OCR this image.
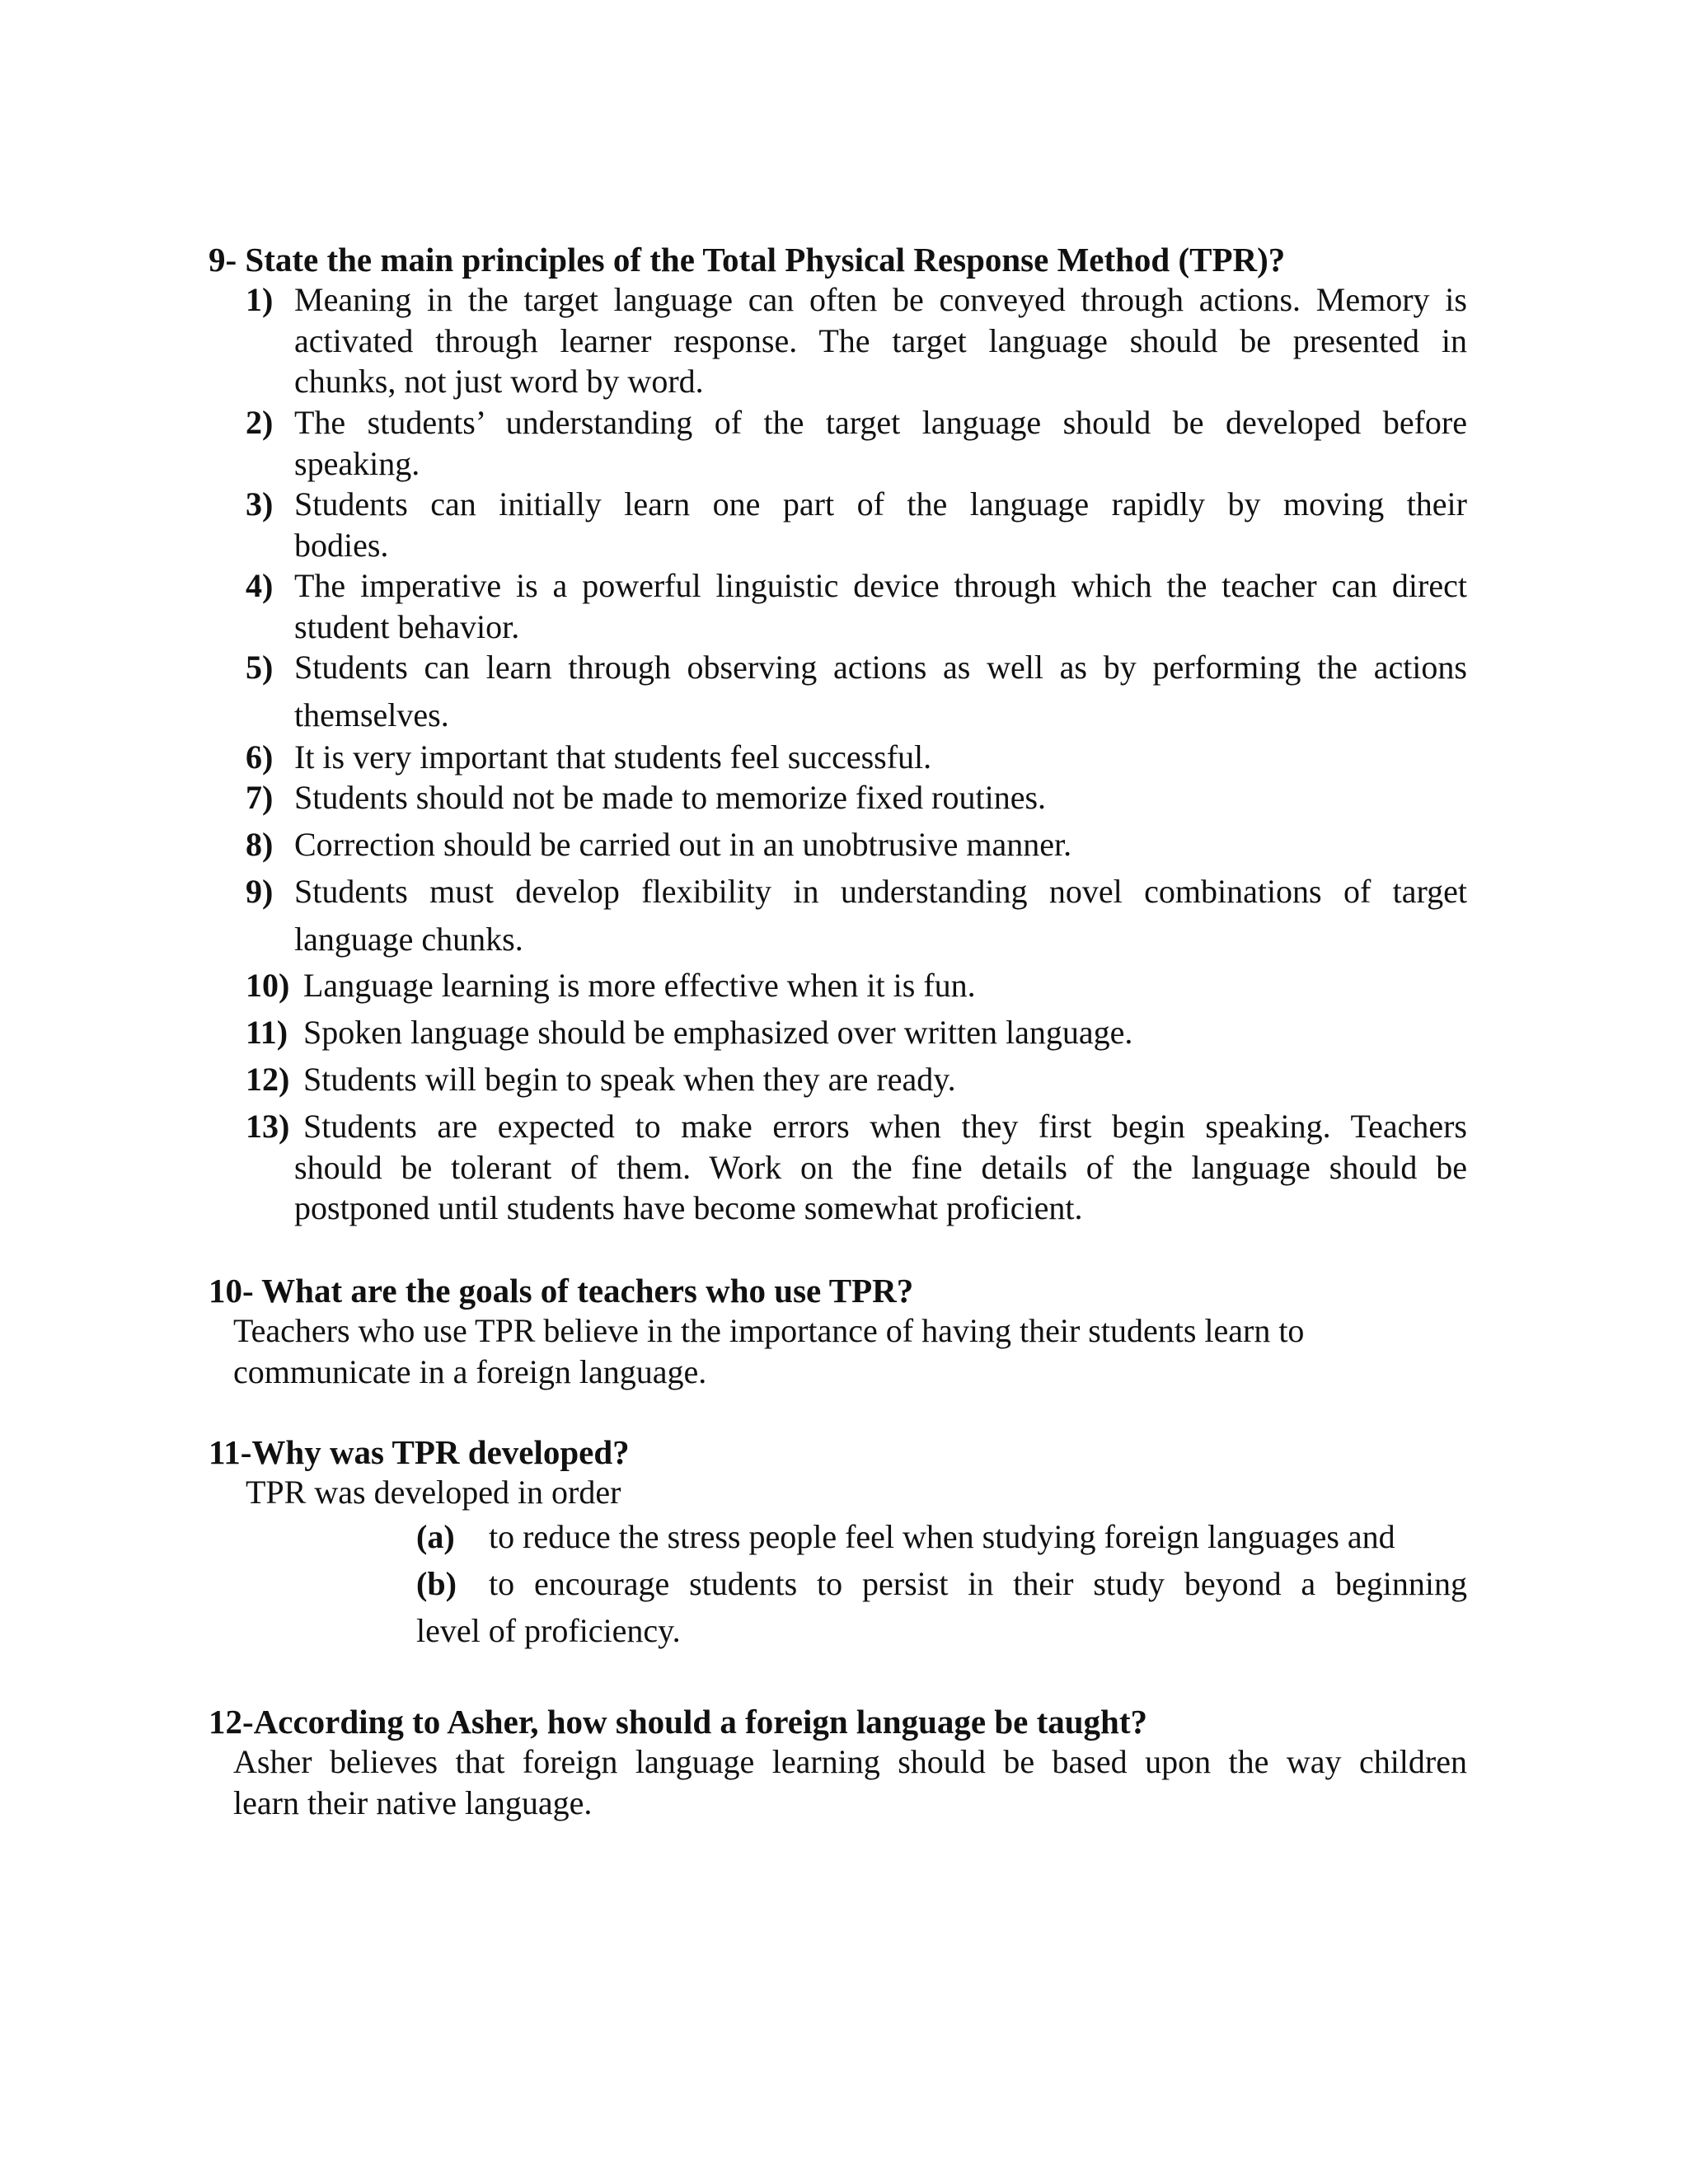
9- State the main principles of the Total Physical Response Method (TPR)?

1) Meaning in the target language can often be conveyed through actions. Memory is
activated through learner response. The target language should be presented in
chunks, not just word by word.

2) The students’ understanding of the target language should be developed before
speaking.

3) Students can initially learn one part of the language rapidly by moving their
bodies.

4) The imperative is a powerful linguistic device through which the teacher can direct
student behavior.

5) Students can learn through observing actions as well as by performing the actions
themselves.

6) It is very important that students feel successful.

7) Students should not be made to memorize fixed routines.

8) Correction should be carried out in an unobtrusive manner.

9) Students must develop flexibility in understanding novel combinations of target
language chunks.

10) Language learning is more effective when it is fun.

11) Spoken language should be emphasized over written language.

12) Students will begin to speak when they are ready.

13) Students are expected to make errors when they first begin speaking. Teachers
should be tolerant of them. Work on the fine details of the language should be
postponed until students have become somewhat proficient.

10- What are the goals of teachers who use TPR?

Teachers who use TPR believe in the importance of having their students learn to
communicate in a foreign language.

11-Why was TPR developed?

TPR was developed in order

(a) to reduce the stress people feel when studying foreign languages and

(b) to encourage students to persist in their study beyond a beginning
level of proficiency.

12-According to Asher, how should a foreign language be taught?

Asher believes that foreign language learning should be based upon the way children
learn their native language.
